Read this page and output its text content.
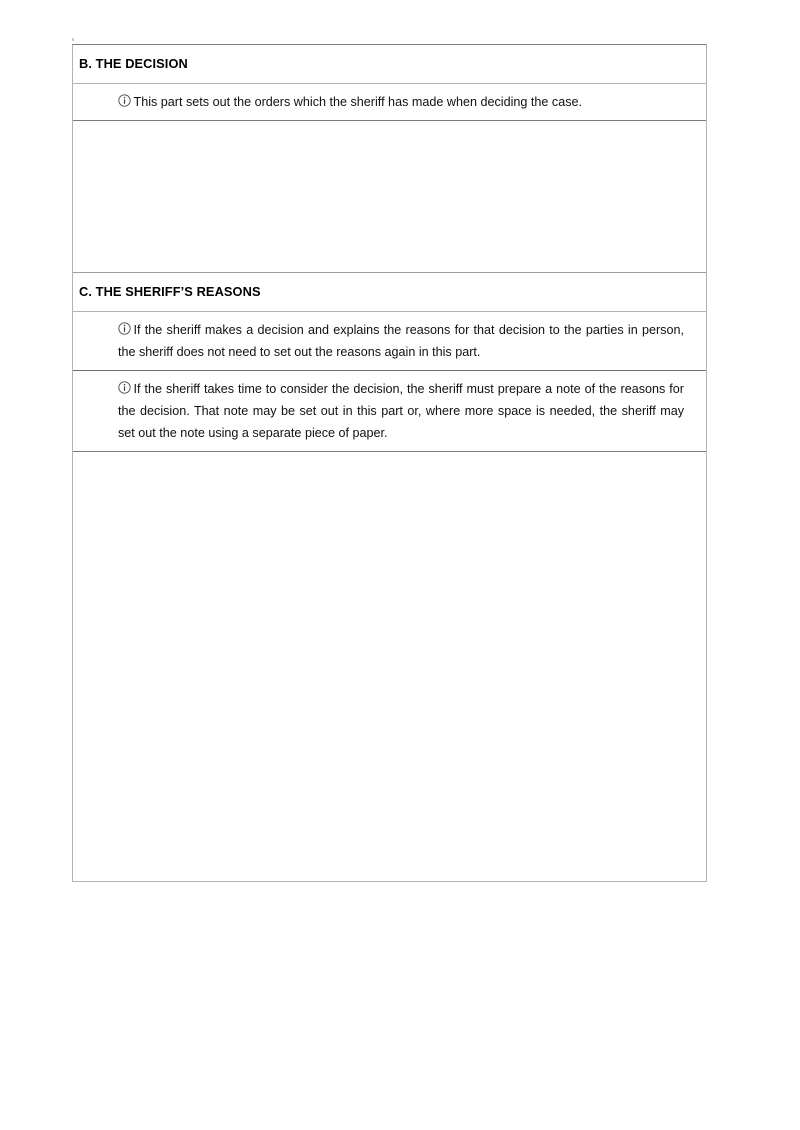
B. THE DECISION

This part sets out the orders which the sheriff has made when deciding the case.

C. THE SHERIFF’S REASONS

If the sheriff makes a decision and explains the reasons for that decision to the parties in person, the sheriff does not need to set out the reasons again in this part.

If the sheriff takes time to consider the decision, the sheriff must prepare a note of the reasons for the decision. That note may be set out in this part or, where more space is needed, the sheriff may set out the note using a separate piece of paper.
